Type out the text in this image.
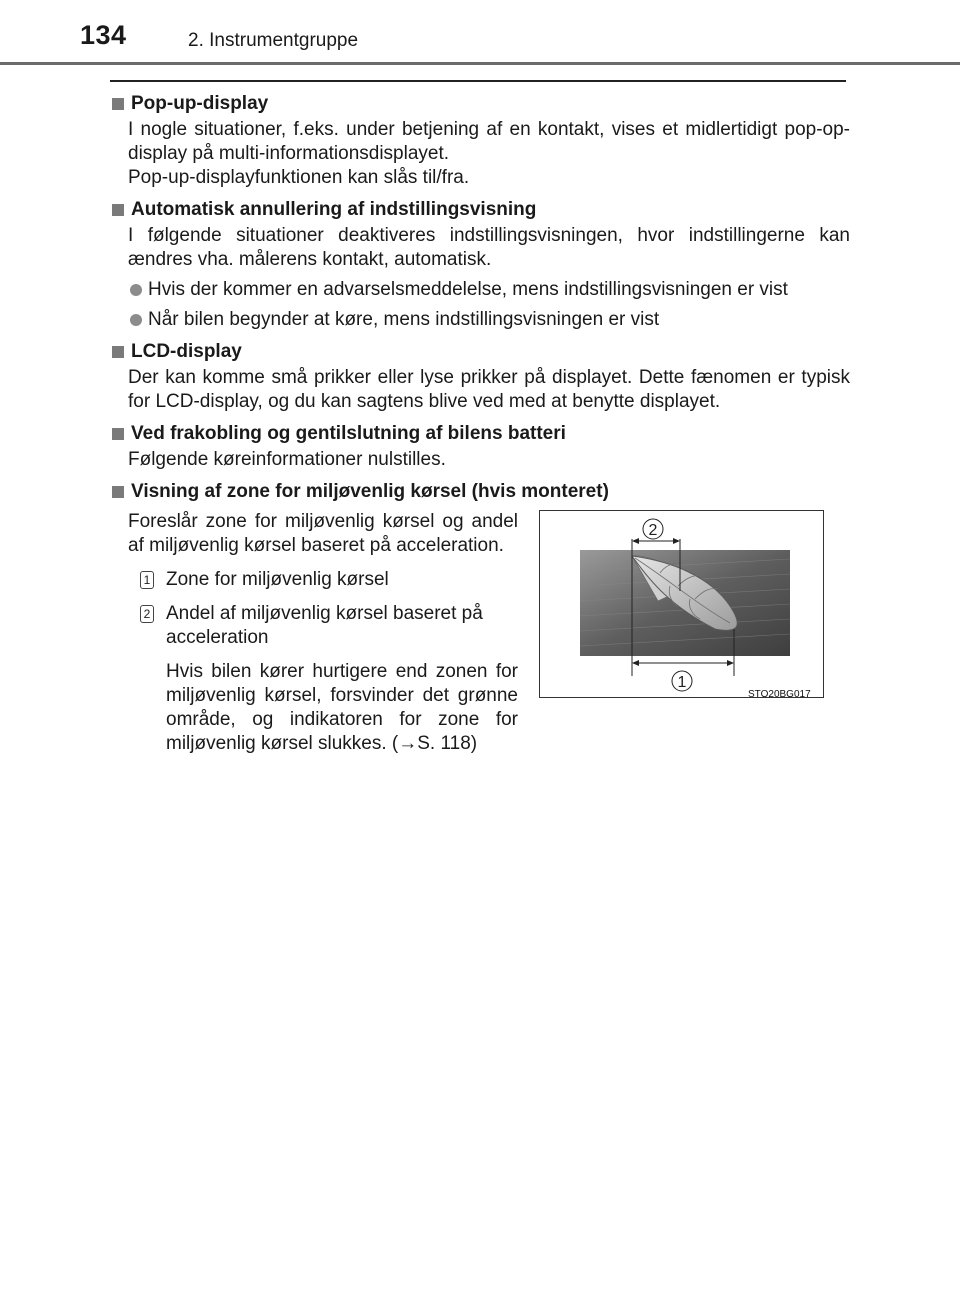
134	2. Instrumentgruppe
Pop-up-display
I nogle situationer, f.eks. under betjening af en kontakt, vises et midlertidigt pop-op-display på multi-informationsdisplayet.
Pop-up-displayfunktionen kan slås til/fra.
Automatisk annullering af indstillingsvisning
I følgende situationer deaktiveres indstillingsvisningen, hvor indstillingerne kan ændres vha. målerens kontakt, automatisk.
Hvis der kommer en advarselsmeddelelse, mens indstillingsvisningen er vist
Når bilen begynder at køre, mens indstillingsvisningen er vist
LCD-display
Der kan komme små prikker eller lyse prikker på displayet. Dette fænomen er typisk for LCD-display, og du kan sagtens blive ved med at benytte displayet.
Ved frakobling og gentilslutning af bilens batteri
Følgende køreinformationer nulstilles.
Visning af zone for miljøvenlig kørsel (hvis monteret)
Foreslår zone for miljøvenlig kørsel og andel af miljøvenlig kørsel baseret på acceleration.
1 Zone for miljøvenlig kørsel
2 Andel af miljøvenlig kørsel baseret på acceleration
Hvis bilen kører hurtigere end zonen for miljøvenlig kørsel, forsvinder det grønne område, og indikatoren for zone for miljøvenlig kørsel slukkes. (→S. 118)
2
1
STO20BG017
